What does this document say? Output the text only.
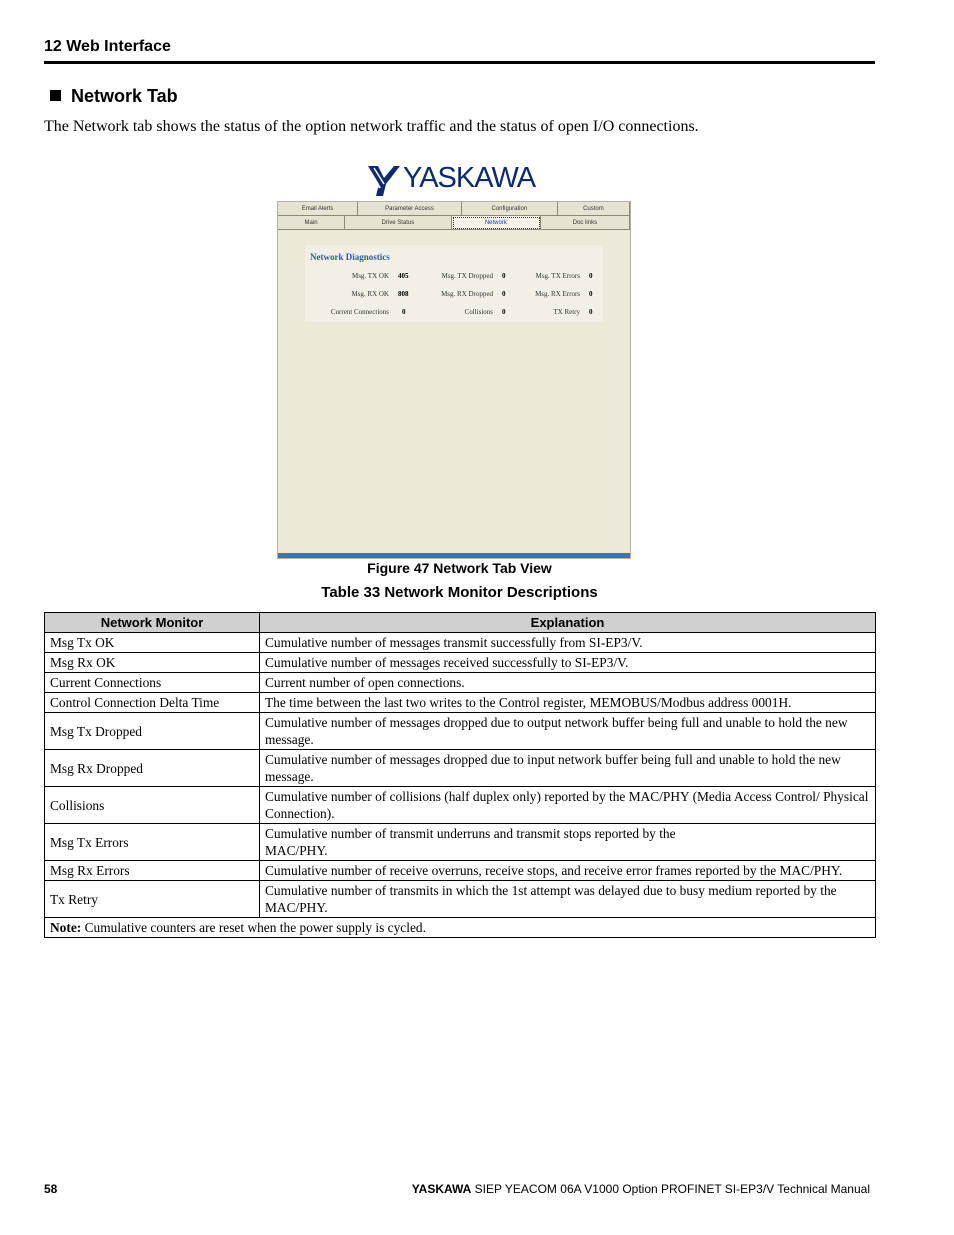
12 Web Interface
Network Tab
The Network tab shows the status of the option network traffic and the status of open I/O connections.
YASKAWA
Email Alerts	Parameter Access	Configuration	Custom
Main	Drive Status	Network	Doc links
Network Diagnostics
Msg. TX OK 405	Msg. TX Dropped 0	Msg. TX Errors 0
Msg. RX OK 808	Msg. RX Dropped 0	Msg. RX Errors 0
Current Connections 0	Collisions 0	TX Retry 0
Figure 47 Network Tab View
Table 33 Network Monitor Descriptions
Network Monitor	Explanation
Msg Tx OK	Cumulative number of messages transmit successfully from SI-EP3/V.
Msg Rx OK	Cumulative number of messages received successfully to SI-EP3/V.
Current Connections	Current number of open connections.
Control Connection Delta Time	The time between the last two writes to the Control register, MEMOBUS/Modbus address 0001H.
Msg Tx Dropped	Cumulative number of messages dropped due to output network buffer being full and unable to hold the new message.
Msg Rx Dropped	Cumulative number of messages dropped due to input network buffer being full and unable to hold the new message.
Collisions	Cumulative number of collisions (half duplex only) reported by the MAC/PHY (Media Access Control/ Physical Connection).
Msg Tx Errors	Cumulative number of transmit underruns and transmit stops reported by the MAC/PHY.
Msg Rx Errors	Cumulative number of receive overruns, receive stops, and receive error frames reported by the MAC/PHY.
Tx Retry	Cumulative number of transmits in which the 1st attempt was delayed due to busy medium reported by the MAC/PHY.
Note: Cumulative counters are reset when the power supply is cycled.	
58	YASKAWA SIEP YEACOM 06A V1000 Option PROFINET SI-EP3/V Technical Manual
